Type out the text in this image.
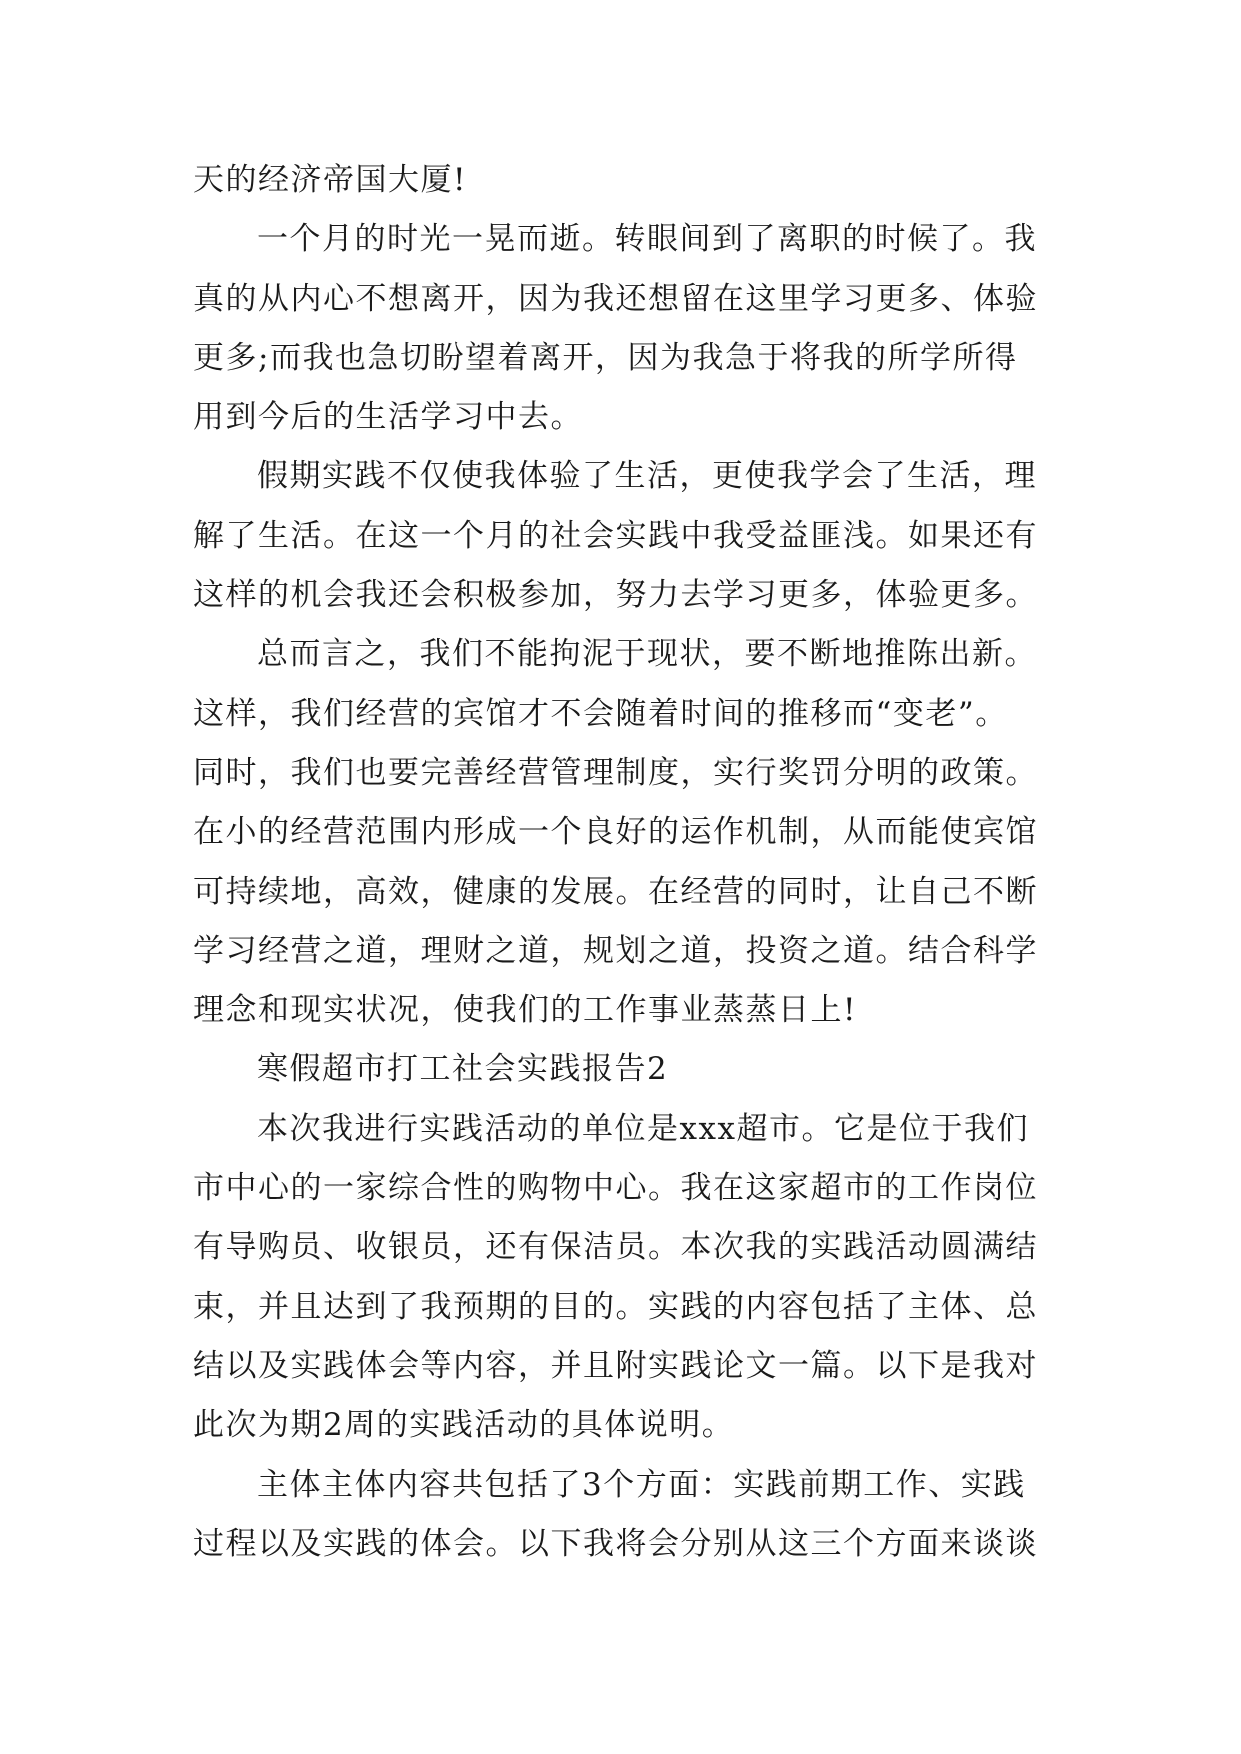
天的经济帝国大厦!
一个月的时光一晃而逝。转眼间到了离职的时候了。我
真的从内心不想离开，因为我还想留在这里学习更多、体验
更多;而我也急切盼望着离开，因为我急于将我的所学所得
用到今后的生活学习中去。
假期实践不仅使我体验了生活，更使我学会了生活，理
解了生活。在这一个月的社会实践中我受益匪浅。如果还有
这样的机会我还会积极参加，努力去学习更多，体验更多。
总而言之，我们不能拘泥于现状，要不断地推陈出新。
这样，我们经营的宾馆才不会随着时间的推移而“变老”。
同时，我们也要完善经营管理制度，实行奖罚分明的政策。
在小的经营范围内形成一个良好的运作机制，从而能使宾馆
可持续地，高效，健康的发展。在经营的同时，让自己不断
学习经营之道，理财之道，规划之道，投资之道。结合科学
理念和现实状况，使我们的工作事业蒸蒸日上!
寒假超市打工社会实践报告2
本次我进行实践活动的单位是xxx超市。它是位于我们
市中心的一家综合性的购物中心。我在这家超市的工作岗位
有导购员、收银员，还有保洁员。本次我的实践活动圆满结
束，并且达到了我预期的目的。实践的内容包括了主体、总
结以及实践体会等内容，并且附实践论文一篇。以下是我对
此次为期2周的实践活动的具体说明。
主体主体内容共包括了3个方面：实践前期工作、实践
过程以及实践的体会。以下我将会分别从这三个方面来谈谈
